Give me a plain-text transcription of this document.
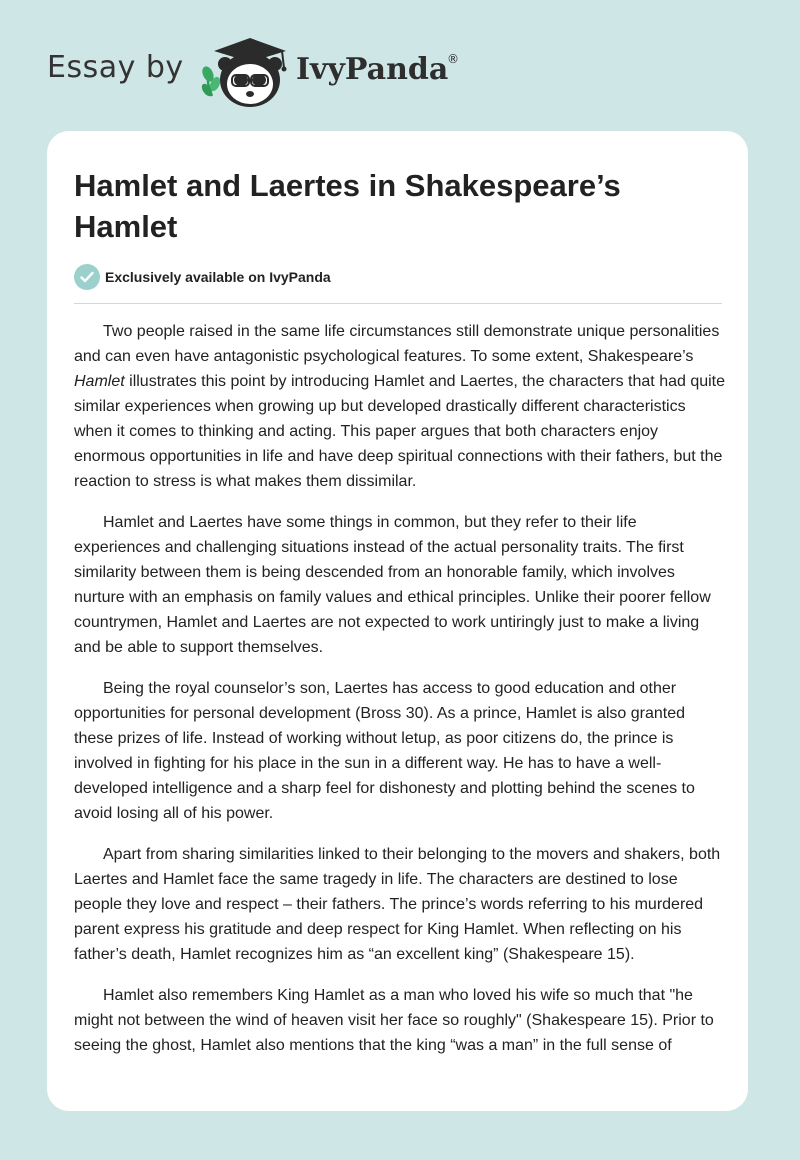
Essay by	IvyPanda
®
Hamlet and Laertes in Shakespeare’s Hamlet
Exclusively available on IvyPanda

Two people raised in the same life circumstances still demonstrate unique personalities and can even have antagonistic psychological features. To some extent, Shakespeare’s Hamlet illustrates this point by introducing Hamlet and Laertes, the characters that had quite similar experiences when growing up but developed drastically different characteristics when it comes to thinking and acting. This paper argues that both characters enjoy enormous opportunities in life and have deep spiritual connections with their fathers, but the reaction to stress is what makes them dissimilar.

Hamlet and Laertes have some things in common, but they refer to their life experiences and challenging situations instead of the actual personality traits. The first similarity between them is being descended from an honorable family, which involves nurture with an emphasis on family values and ethical principles. Unlike their poorer fellow countrymen, Hamlet and Laertes are not expected to work untiringly just to make a living and be able to support themselves.

Being the royal counselor’s son, Laertes has access to good education and other opportunities for personal development (Bross 30). As a prince, Hamlet is also granted these prizes of life. Instead of working without letup, as poor citizens do, the prince is involved in fighting for his place in the sun in a different way. He has to have a well-developed intelligence and a sharp feel for dishonesty and plotting behind the scenes to avoid losing all of his power.

Apart from sharing similarities linked to their belonging to the movers and shakers, both Laertes and Hamlet face the same tragedy in life. The characters are destined to lose people they love and respect – their fathers. The prince’s words referring to his murdered parent express his gratitude and deep respect for King Hamlet. When reflecting on his father’s death, Hamlet recognizes him as “an excellent king” (Shakespeare 15).

Hamlet also remembers King Hamlet as a man who loved his wife so much that "he might not between the wind of heaven visit her face so roughly" (Shakespeare 15). Prior to seeing the ghost, Hamlet also mentions that the king “was a man” in the full sense of
